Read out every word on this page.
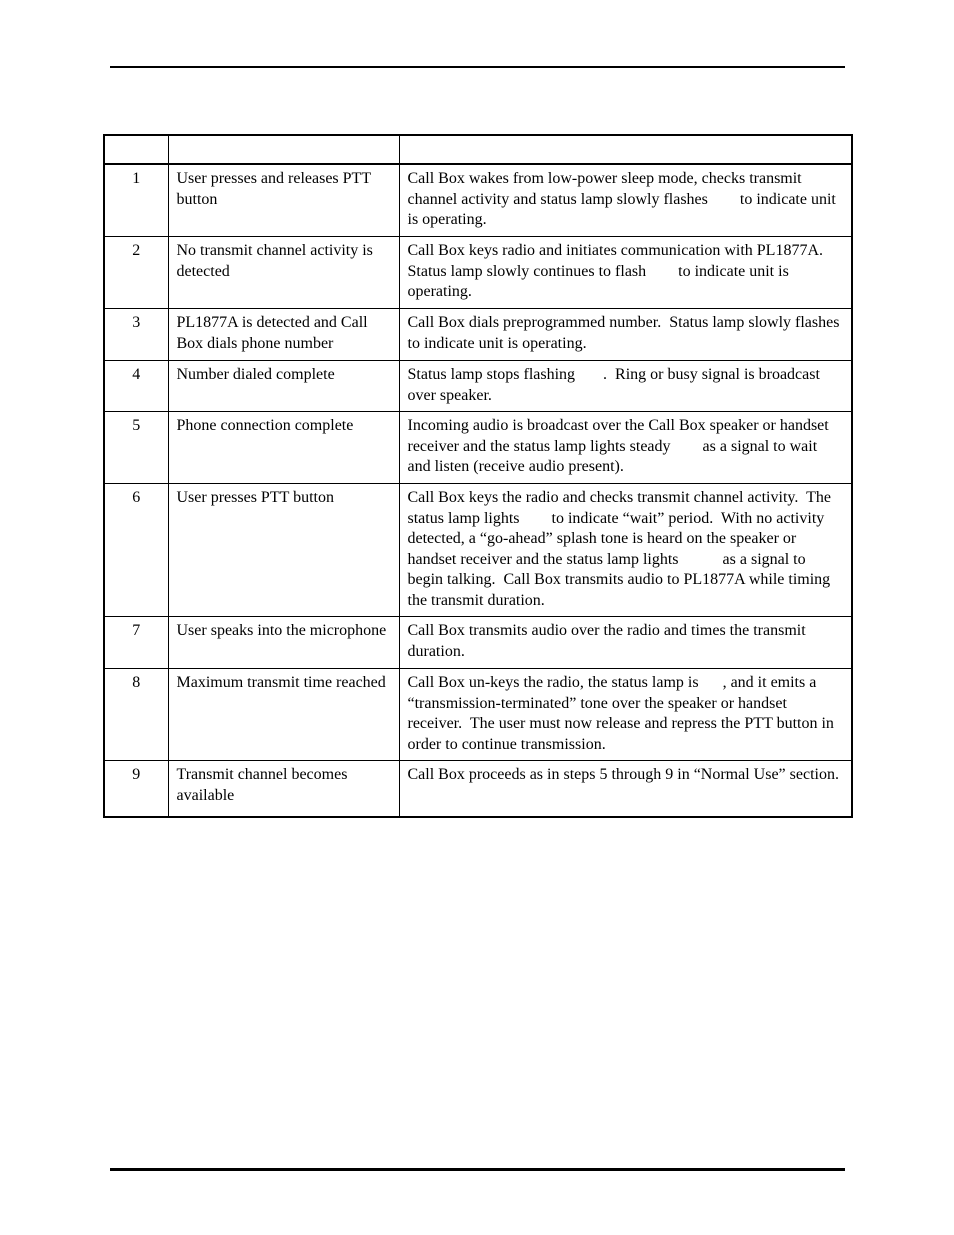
1	User presses and releases PTT button	Call Box wakes from low-power sleep mode, checks transmit channel activity and status lamp slowly flashes        to indicate unit is operating.
2	No transmit channel activity is detected	Call Box keys radio and initiates communication with PL1877A.  Status lamp slowly continues to flash        to indicate unit is operating.
3	PL1877A is detected and Call Box dials phone number	Call Box dials preprogrammed number.  Status lamp slowly flashes        to indicate unit is operating.
4	Number dialed complete	Status lamp stops flashing       .  Ring or busy signal is broadcast over speaker.
5	Phone connection complete	Incoming audio is broadcast over the Call Box speaker or handset receiver and the status lamp lights steady        as a signal to wait and listen (receive audio present).
6	User presses PTT button	Call Box keys the radio and checks transmit channel activity.  The status lamp lights        to indicate “wait” period.  With no activity detected, a “go-ahead” splash tone is heard on the speaker or handset receiver and the status lamp lights           as a signal to begin talking.  Call Box transmits audio to PL1877A while timing the transmit duration.
7	User speaks into the microphone	Call Box transmits audio over the radio and times the transmit duration.
8	Maximum transmit time reached	Call Box un-keys the radio, the status lamp is      , and it emits a “transmission-terminated” tone over the speaker or handset receiver.  The user must now release and repress the PTT button in order to continue transmission.
9	Transmit channel becomes available	Call Box proceeds as in steps 5 through 9 in “Normal Use” section.
